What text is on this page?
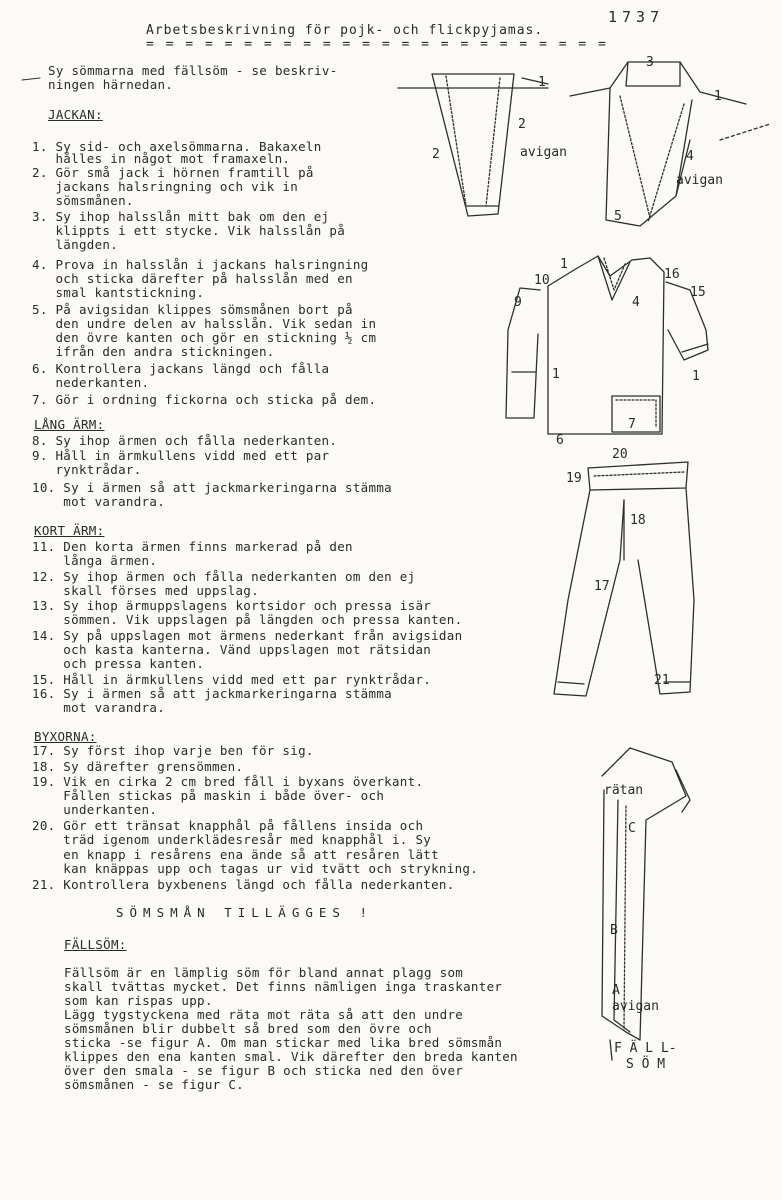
1737
Arbetsbeskrivning för pojk- och flickpyjamas.
= = = = = = = = = = = = = = = = = = = = = = = =
Sy sömmarna med fällsöm - se beskriv-
ningen härnedan.
JACKAN:
1. Sy sid- och axelsömmarna. Bakaxeln
hålles in något mot framaxeln.
2. Gör små jack i hörnen framtill på
jackans halsringning och vik in
sömsmånen.
3. Sy ihop halsslån mitt bak om den ej
klippts i ett stycke. Vik halsslån på
längden.
4. Prova in halsslån i jackans halsringning
och sticka därefter på halsslån med en
smal kantstickning.
5. På avigsidan klippes sömsmånen bort på
den undre delen av halsslån. Vik sedan in
den övre kanten och gör en stickning ½ cm
ifrån den andra stickningen.
6. Kontrollera jackans längd och fålla
nederkanten.
7. Gör i ordning fickorna och sticka på dem.
LÅNG ÄRM:
8. Sy ihop ärmen och fålla nederkanten.
9. Håll in ärmkullens vidd med ett par
rynktrådar.
10. Sy i ärmen så att jackmarkeringarna stämma
mot varandra.
KORT ÄRM:
11. Den korta ärmen finns markerad på den
långa ärmen.
12. Sy ihop ärmen och fålla nederkanten om den ej
skall förses med uppslag.
13. Sy ihop ärmuppslagens kortsidor och pressa isär
sömmen. Vik uppslagen på längden och pressa kanten.
14. Sy på uppslagen mot ärmens nederkant från avigsidan
och kasta kanterna. Vänd uppslagen mot rätsidan
och pressa kanten.
15. Håll in ärmkullens vidd med ett par rynktrådar.
16. Sy i ärmen så att jackmarkeringarna stämma
mot varandra.
BYXORNA:
17. Sy först ihop varje ben för sig.
18. Sy därefter grensömmen.
19. Vik en cirka 2 cm bred fåll i byxans överkant.
Fållen stickas på maskin i både över- och
underkanten.
20. Gör ett tränsat knapphål på fållens insida och
träd igenom underklädesresår med knapphål i. Sy
en knapp i resårens ena ände så att resåren lätt
kan knäppas upp och tagas ur vid tvätt och strykning.
21. Kontrollera byxbenens längd och fålla nederkanten.
SÖMSMÅN TILLÄGGES !
FÄLLSÖM:
Fällsöm är en lämplig söm för bland annat plagg som
skall tvättas mycket. Det finns nämligen inga traskanter
som kan rispas upp.
Lägg tygstyckena med räta mot räta så att den undre
sömsmånen blir dubbelt så bred som den övre och
sticka -se figur A. Om man stickar med lika bred sömsmån
klippes den ena kanten smal. Vik därefter den breda kanten
över den smala - se figur B och sticka ned den över
sömsmånen - se figur C.
1
2
2	avigan
3
1
4
avigan
5
1
10
9
16
15
4
1	1
7
6
20
19
18
17
21
rätan
C
B
A
avigan
F Ä L L-
S Ö M
